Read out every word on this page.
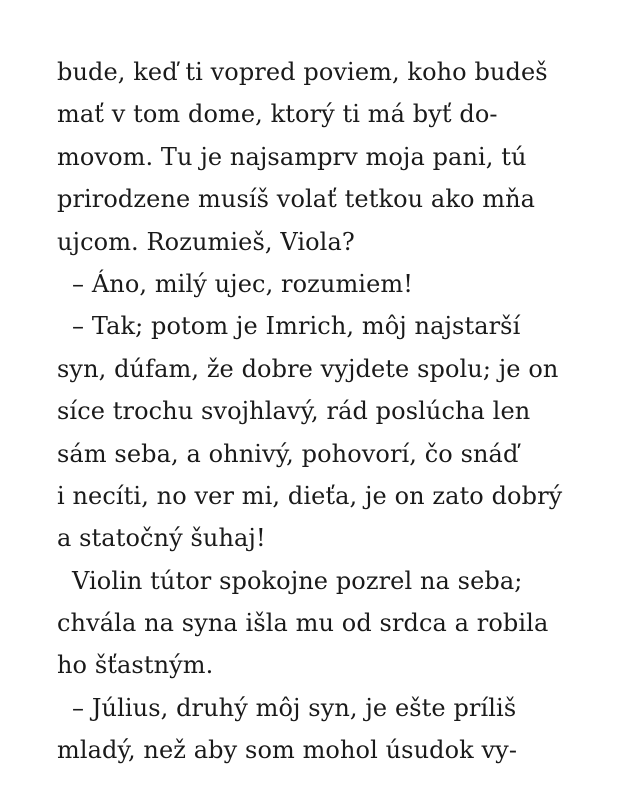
bude, keď ti vopred poviem, koho budeš
mať v tom dome, ktorý ti má byť do-
movom. Tu je najsamprv moja pani, tú
prirodzene musíš volať tetkou ako mňa
ujcom. Rozumieš, Viola?
– Áno, milý ujec, rozumiem!
– Tak; potom je Imrich, môj najstarší
syn, dúfam, že dobre vyjdete spolu; je on
síce trochu svojhlavý, rád poslúcha len
sám seba, a ohnivý, pohovorí, čo snáď
i necíti, no ver mi, dieťa, je on zato dobrý
a statočný šuhaj!
Violin tútor spokojne pozrel na seba;
chvála na syna išla mu od srdca a robila
ho šťastným.
– Július, druhý môj syn, je ešte príliš
mladý, než aby som mohol úsudok vy-
